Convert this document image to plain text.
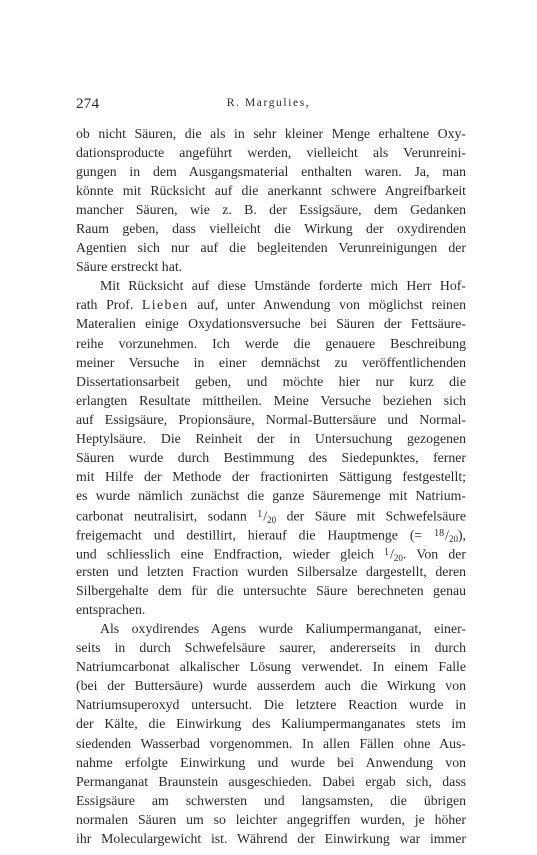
274	R. Margulies,
ob nicht Säuren, die als in sehr kleiner Menge erhaltene Oxy-
dationsproducte angeführt werden, vielleicht als Verunreini-
gungen in dem Ausgangsmaterial enthalten waren. Ja, man
könnte mit Rücksicht auf die anerkannt schwere Angreifbarkeit
mancher Säuren, wie z. B. der Essigsäure, dem Gedanken
Raum geben, dass vielleicht die Wirkung der oxydirenden
Agentien sich nur auf die begleitenden Verunreinigungen der
Säure erstreckt hat.
Mit Rücksicht auf diese Umstände forderte mich Herr Hof-
rath Prof. Lieben auf, unter Anwendung von möglichst reinen
Materalien einige Oxydationsversuche bei Säuren der Fettsäure-
reihe vorzunehmen. Ich werde die genauere Beschreibung
meiner Versuche in einer demnächst zu veröffentlichenden
Dissertationsarbeit geben, und möchte hier nur kurz die
erlangten Resultate mittheilen. Meine Versuche beziehen sich
auf Essigsäure, Propionsäure, Normal-Buttersäure und Normal-
Heptylsäure. Die Reinheit der in Untersuchung gezogenen
Säuren wurde durch Bestimmung des Siedepunktes, ferner
mit Hilfe der Methode der fractionirten Sättigung festgestellt;
es wurde nämlich zunächst die ganze Säuremenge mit Natrium-
carbonat neutralisirt, sodann $^1/_{20}$ der Säure mit Schwefelsäure
freigemacht und destillirt, hierauf die Hauptmenge (= $^{18}/_{20}$),
und schliesslich eine Endfraction, wieder gleich $^1/_{20}$. Von der
ersten und letzten Fraction wurden Silbersalze dargestellt, deren
Silbergehalte dem für die untersuchte Säure berechneten genau
entsprachen.
Als oxydirendes Agens wurde Kaliumpermanganat, einer-
seits in durch Schwefelsäure saurer, andererseits in durch
Natriumcarbonat alkalischer Lösung verwendet. In einem Falle
(bei der Buttersäure) wurde ausserdem auch die Wirkung von
Natriumsuperoxyd untersucht. Die letztere Reaction wurde in
der Kälte, die Einwirkung des Kaliumpermanganates stets im
siedenden Wasserbad vorgenommen. In allen Fällen ohne Aus-
nahme erfolgte Einwirkung und wurde bei Anwendung von
Permanganat Braunstein ausgeschieden. Dabei ergab sich, dass
Essigsäure am schwersten und langsamsten, die übrigen
normalen Säuren um so leichter angegriffen wurden, je höher
ihr Moleculargewicht ist. Während der Einwirkung war immer
